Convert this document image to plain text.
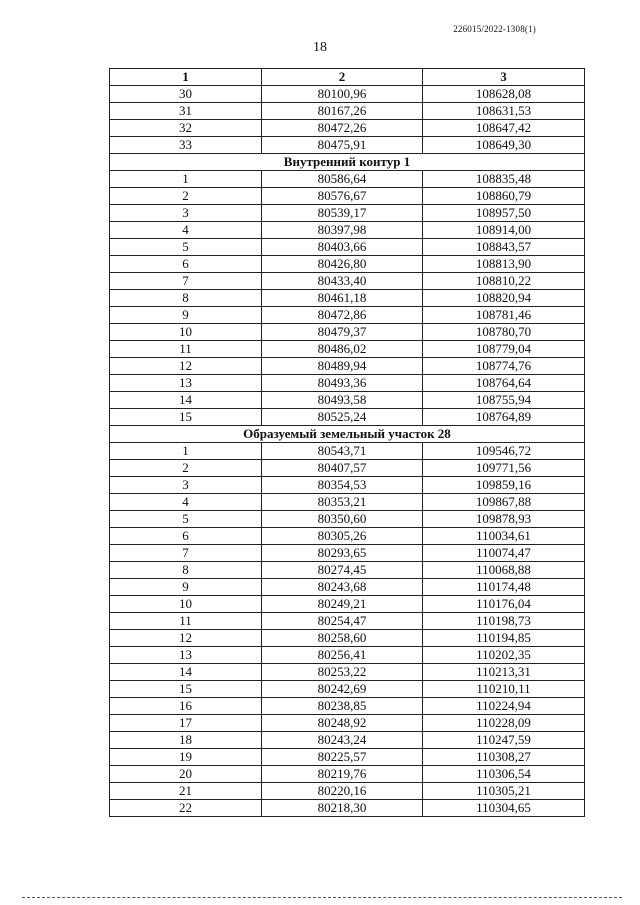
226015/2022-1308(1)
18
1	2	3
30	80100,96	108628,08
31	80167,26	108631,53
32	80472,26	108647,42
33	80475,91	108649,30
Внутренний контур 1		
1	80586,64	108835,48
2	80576,67	108860,79
3	80539,17	108957,50
4	80397,98	108914,00
5	80403,66	108843,57
6	80426,80	108813,90
7	80433,40	108810,22
8	80461,18	108820,94
9	80472,86	108781,46
10	80479,37	108780,70
11	80486,02	108779,04
12	80489,94	108774,76
13	80493,36	108764,64
14	80493,58	108755,94
15	80525,24	108764,89
Образуемый земельный участок 28		
1	80543,71	109546,72
2	80407,57	109771,56
3	80354,53	109859,16
4	80353,21	109867,88
5	80350,60	109878,93
6	80305,26	110034,61
7	80293,65	110074,47
8	80274,45	110068,88
9	80243,68	110174,48
10	80249,21	110176,04
11	80254,47	110198,73
12	80258,60	110194,85
13	80256,41	110202,35
14	80253,22	110213,31
15	80242,69	110210,11
16	80238,85	110224,94
17	80248,92	110228,09
18	80243,24	110247,59
19	80225,57	110308,27
20	80219,76	110306,54
21	80220,16	110305,21
22	80218,30	110304,65
